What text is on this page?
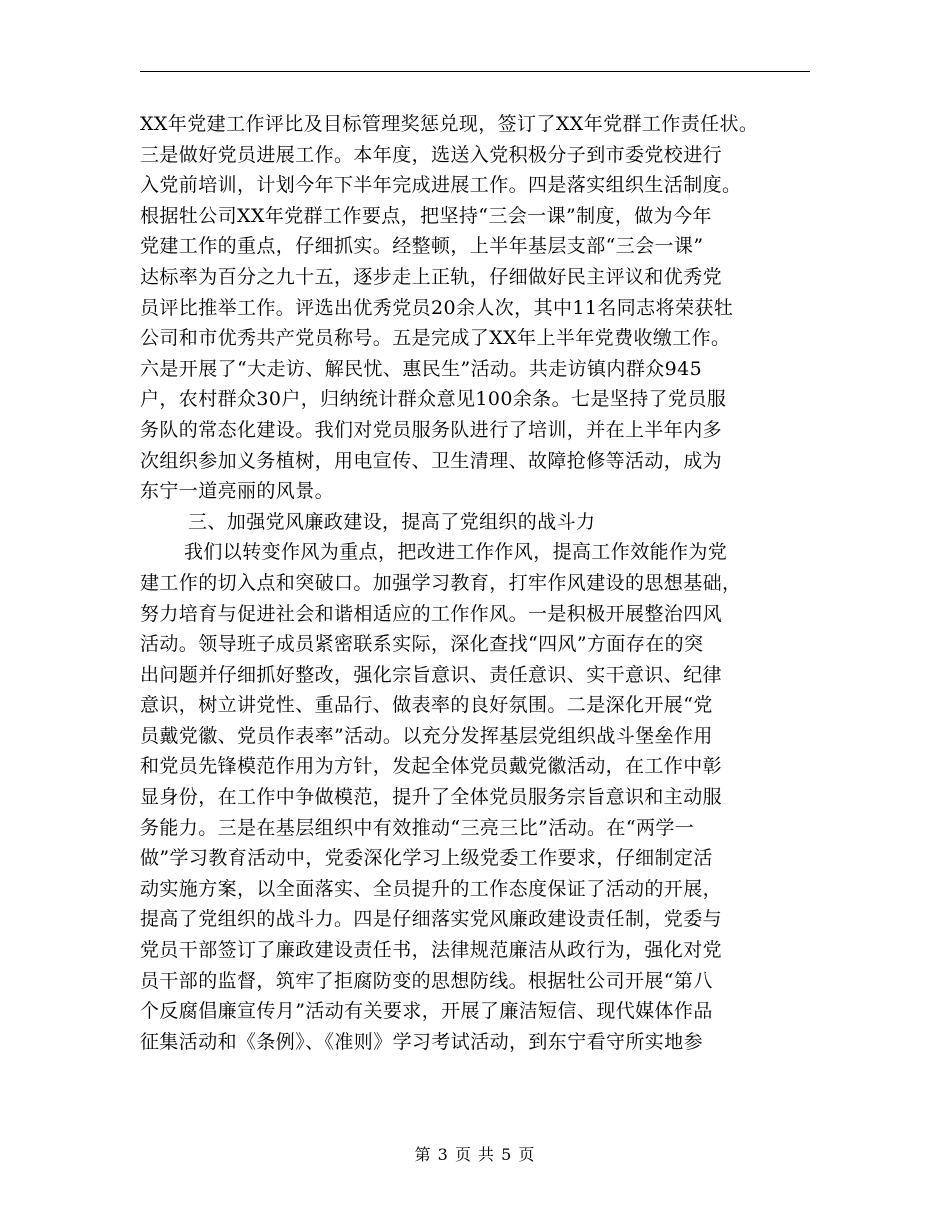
XX年党建工作评比及目标管理奖惩兑现，签订了XX年党群工作责任状。
三是做好党员进展工作。本年度，选送入党积极分子到市委党校进行
入党前培训，计划今年下半年完成进展工作。四是落实组织生活制度。
根据牡公司XX年党群工作要点，把坚持“三会一课”制度，做为今年
党建工作的重点，仔细抓实。经整顿，上半年基层支部“三会一课”
达标率为百分之九十五，逐步走上正轨，仔细做好民主评议和优秀党
员评比推举工作。评选出优秀党员20余人次，其中11名同志将荣获牡
公司和市优秀共产党员称号。五是完成了XX年上半年党费收缴工作。
六是开展了“大走访、解民忧、惠民生”活动。共走访镇内群众945
户，农村群众30户，归纳统计群众意见100余条。七是坚持了党员服
务队的常态化建设。我们对党员服务队进行了培训，并在上半年内多
次组织参加义务植树，用电宣传、卫生清理、故障抢修等活动，成为
东宁一道亮丽的风景。
三、加强党风廉政建设，提高了党组织的战斗力
我们以转变作风为重点，把改进工作作风，提高工作效能作为党
建工作的切入点和突破口。加强学习教育，打牢作风建设的思想基础，
努力培育与促进社会和谐相适应的工作作风。一是积极开展整治四风
活动。领导班子成员紧密联系实际，深化查找“四风”方面存在的突
出问题并仔细抓好整改，强化宗旨意识、责任意识、实干意识、纪律
意识，树立讲党性、重品行、做表率的良好氛围。二是深化开展“党
员戴党徽、党员作表率”活动。以充分发挥基层党组织战斗堡垒作用
和党员先锋模范作用为方针，发起全体党员戴党徽活动，在工作中彰
显身份，在工作中争做模范，提升了全体党员服务宗旨意识和主动服
务能力。三是在基层组织中有效推动“三亮三比”活动。在“两学一
做”学习教育活动中，党委深化学习上级党委工作要求，仔细制定活
动实施方案，以全面落实、全员提升的工作态度保证了活动的开展，
提高了党组织的战斗力。四是仔细落实党风廉政建设责任制，党委与
党员干部签订了廉政建设责任书，法律规范廉洁从政行为，强化对党
员干部的监督，筑牢了拒腐防变的思想防线。根据牡公司开展“第八
个反腐倡廉宣传月”活动有关要求，开展了廉洁短信、现代媒体作品
征集活动和《条例》、《准则》学习考试活动，到东宁看守所实地参
第 3 页 共 5 页
